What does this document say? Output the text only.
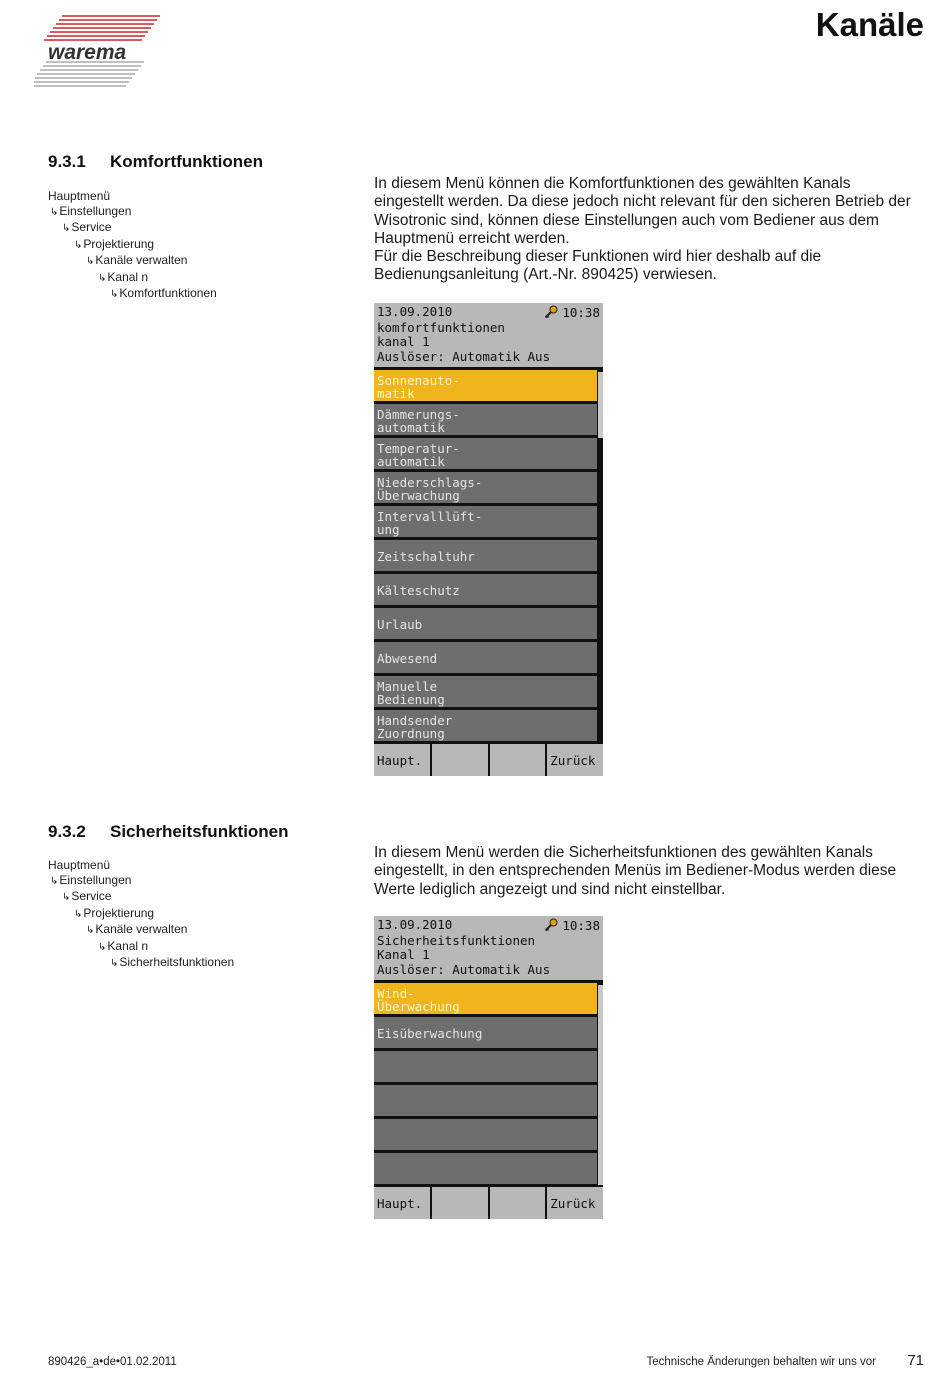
warema
Kanäle
9.3.1 Komfortfunktionen
Hauptmenü
↳Einstellungen
↳Service
↳Projektierung
↳Kanäle verwalten
↳Kanal n
↳Komfortfunktionen

In diesem Menü können die Komfortfunktionen des gewählten Kanals eingestellt werden. Da diese jedoch nicht relevant für den sicheren Betrieb der Wisotronic sind, können diese Einstellungen auch vom Bediener aus dem Hauptmenü erreicht werden.

Für die Beschreibung dieser Funktionen wird hier deshalb auf die Bedienungsanleitung (Art.-Nr. 890425) verwiesen.

13.09.2010	10:38
komfortfunktionen
kanal 1
Auslöser: Automatik Aus
Sonnenauto-
matik
Dämmerungs-
automatik
Temperatur-
automatik
Niederschlags-
Überwachung
Intervalllüft-
ung
Zeitschaltuhr
Kälteschutz
Urlaub
Abwesend
Manuelle
Bedienung
Handsender
Zuordnung
Haupt.	Zurück
9.3.2 Sicherheitsfunktionen
Hauptmenü
↳Einstellungen
↳Service
↳Projektierung
↳Kanäle verwalten
↳Kanal n
↳Sicherheitsfunktionen

In diesem Menü werden die Sicherheitsfunktionen des gewählten Kanals eingestellt, in den entsprechenden Menüs im Bediener-Modus werden diese Werte lediglich angezeigt und sind nicht einstellbar.

13.09.2010	10:38
Sicherheitsfunktionen
Kanal 1
Auslöser: Automatik Aus
Wind-
Überwachung
Eisüberwachung
Haupt.	Zurück
890426_a•de•01.02.2011	Technische Änderungen behalten wir uns vor 71
